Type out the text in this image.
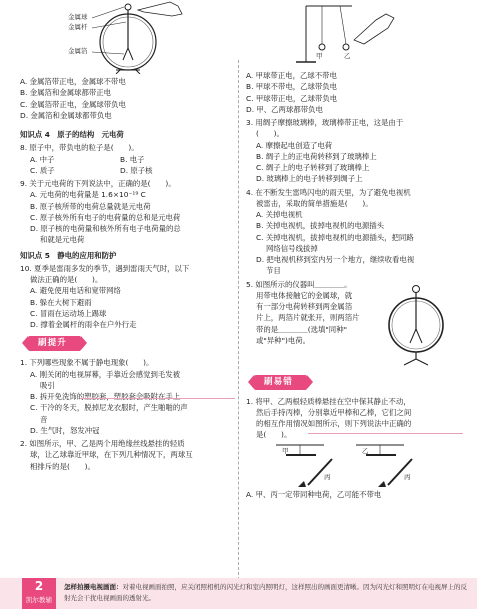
金属球
金属杆
金属箔
A. 金属箔带正电，金属球不带电
B. 金属箔和金属球都带正电
C. 金属箔带正电，金属球带负电
D. 金属箔和金属球都带负电
知识点 4　原子的结构　元电荷
8. 原子中，带负电的粒子是(　　)。
A. 中子	B. 电子
C. 质子	D. 原子核
9. 关于元电荷的下列说法中，正确的是(　　)。
A. 元电荷的电荷量是 1.6×10⁻¹⁹ C
B. 原子核所带的电荷总量就是元电荷
C. 原子核外所有电子的电荷量的总和是元电荷
D. 原子核的电荷量和核外所有电子电荷量的总
和就是元电荷
知识点 5　静电的应用和防护
10. 夏季是雷雨多发的季节，遇到雷雨天气时，以下
做法正确的是(　　)。
A. 避免使用电话和宽带网络
B. 躲在大树下避雨
C. 冒雨在运动场上踢球
D. 撑着金属杆的雨伞在户外行走
刷提升
1. 下列哪些现象不属于静电现象(　　)。
A. 刚关闭的电视屏幕，手靠近会感觉到毛发被
吸引
B. 拆开免洗饰的塑胶套，塑胶套会吸附在手上
C. 干冷的冬天，脱掉尼龙衣服时，产生啪啪的声
音
D. 生气时，怒发冲冠
2. 如图所示，甲、乙是两个用绝缘丝线悬挂的轻质
球，让乙球靠近甲球，在下列几种情况下，两球互
相排斥的是(　　)。
甲	乙
A. 甲球带正电，乙球不带电
B. 甲球不带电，乙球带负电
C. 甲球带正电，乙球带负电
D. 甲、乙两球都带负电
3. 用绸子摩擦玻璃棒，玻璃棒带正电，这是由于
(　　)。
A. 摩擦起电创造了电荷
B. 绸子上的正电荷转移到了玻璃棒上
C. 绸子上的电子转移到了玻璃棒上
D. 玻璃棒上的电子转移到绸子上
4. 在不断发生雷鸣闪电的雨天里，为了避免电视机
被雷击，采取的简单措施是(　　)。
A. 关掉电视机
B. 关掉电视机，拔掉电视机的电源插头
C. 关掉电视机，拔掉电视机的电源插头，把同路
网络信号线拔掉
D. 把电视机移到室内另一个地方，继续收看电视
节目
5. 如图所示的仪器叫＿＿＿＿。
用带电体接触它的金属球，就
有一部分电荷转移到两金属箔
片上，两箔片就张开，则两箔片
带的是＿＿＿＿(选填"同种"
或"异种")电荷。
刷易错
1. 将甲、乙两根轻质棒悬挂在空中保其静止不动，
然后手持丙棒，分别靠近甲棒和乙棒，它们之间
的相互作用情况如图所示，则下列说法中正确的
是(　　)。
甲	乙
丙	丙
A. 甲、丙一定带同种电荷，乙可能不带电
2
凯尔教辅
怎样拍摄电视画面：对着电视画面拍照，应关闭照相机的闪光灯和室内照明灯，这样照出的画面更清晰。因为闪光灯和照明灯在电视屏上的反射光会干扰电视画面的透射光。
